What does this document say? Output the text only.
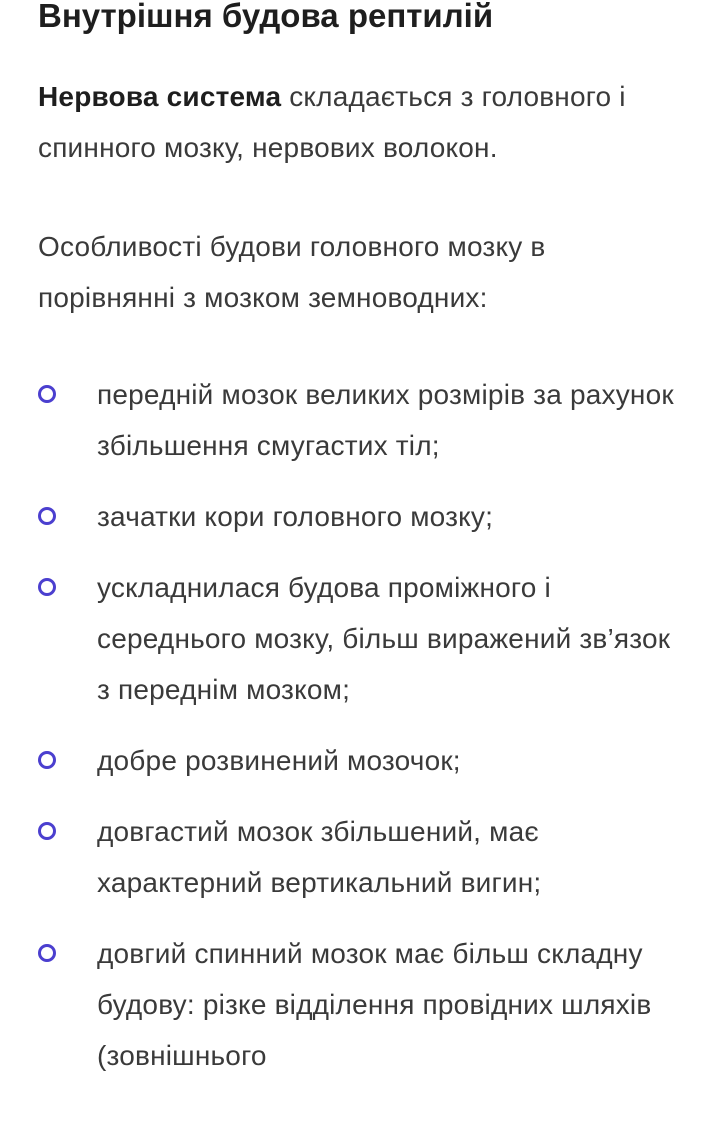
Внутрішня будова рептилій

Нервова система складається з головного і спинного мозку, нервових волокон.

Особливості будови головного мозку в порівнянні з мозком земноводних:

передній мозок великих розмірів за рахунок збільшення смугастих тіл;
зачатки кори головного мозку;
ускладнилася будова проміжного і середнього мозку, більш виражений зв’язок з переднім мозком;
добре розвинений мозочок;
довгастий мозок збільшений, має характерний вертикальний вигин;
довгий спинний мозок має більш складну будову: різке відділення провідних шляхів (зовнішнього
